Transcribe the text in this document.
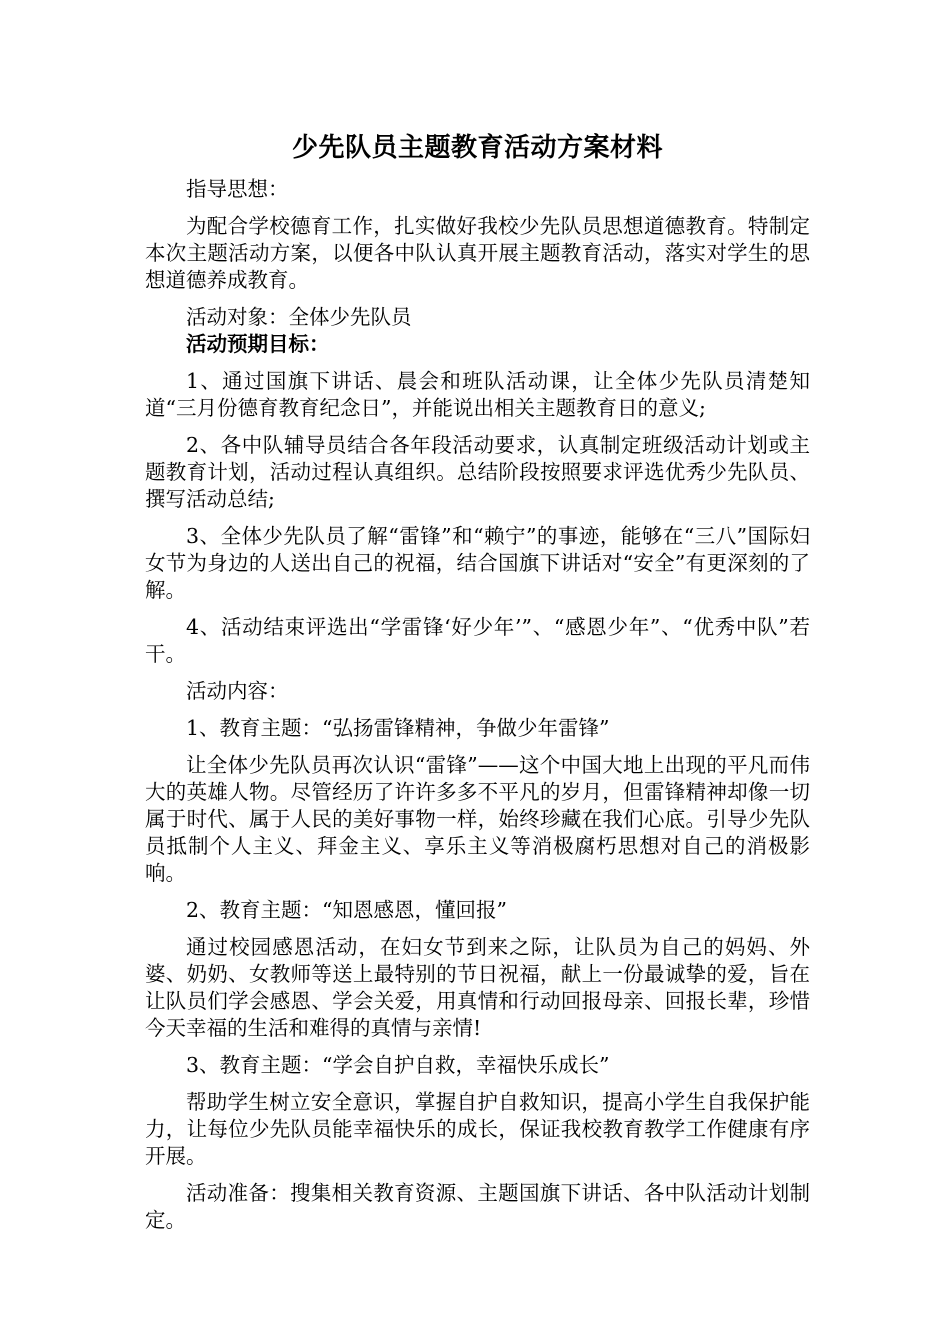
少先队员主题教育活动方案材料

指导思想：

为配合学校德育工作，扎实做好我校少先队员思想道德教育。特制定本次主题活动方案，以便各中队认真开展主题教育活动，落实对学生的思想道德养成教育。

活动对象：全体少先队员

活动预期目标：

1、通过国旗下讲话、晨会和班队活动课，让全体少先队员清楚知道“三月份德育教育纪念日”，并能说出相关主题教育日的意义;

2、各中队辅导员结合各年段活动要求，认真制定班级活动计划或主题教育计划，活动过程认真组织。总结阶段按照要求评选优秀少先队员、撰写活动总结;

3、全体少先队员了解“雷锋”和“赖宁”的事迹，能够在“三八”国际妇女节为身边的人送出自己的祝福，结合国旗下讲话对“安全”有更深刻的了解。

4、活动结束评选出“学雷锋‘好少年’”、“感恩少年”、“优秀中队”若干。

活动内容：

1、教育主题：“弘扬雷锋精神，争做少年雷锋”

让全体少先队员再次认识“雷锋”——这个中国大地上出现的平凡而伟大的英雄人物。尽管经历了许许多多不平凡的岁月，但雷锋精神却像一切属于时代、属于人民的美好事物一样，始终珍藏在我们心底。引导少先队员抵制个人主义、拜金主义、享乐主义等消极腐朽思想对自己的消极影响。

2、教育主题：“知恩感恩，懂回报”

通过校园感恩活动，在妇女节到来之际，让队员为自己的妈妈、外婆、奶奶、女教师等送上最特别的节日祝福，献上一份最诚挚的爱，旨在让队员们学会感恩、学会关爱，用真情和行动回报母亲、回报长辈，珍惜今天幸福的生活和难得的真情与亲情!

3、教育主题：“学会自护自救，幸福快乐成长”

帮助学生树立安全意识，掌握自护自救知识，提高小学生自我保护能力，让每位少先队员能幸福快乐的成长，保证我校教育教学工作健康有序开展。

活动准备：搜集相关教育资源、主题国旗下讲话、各中队活动计划制定。
